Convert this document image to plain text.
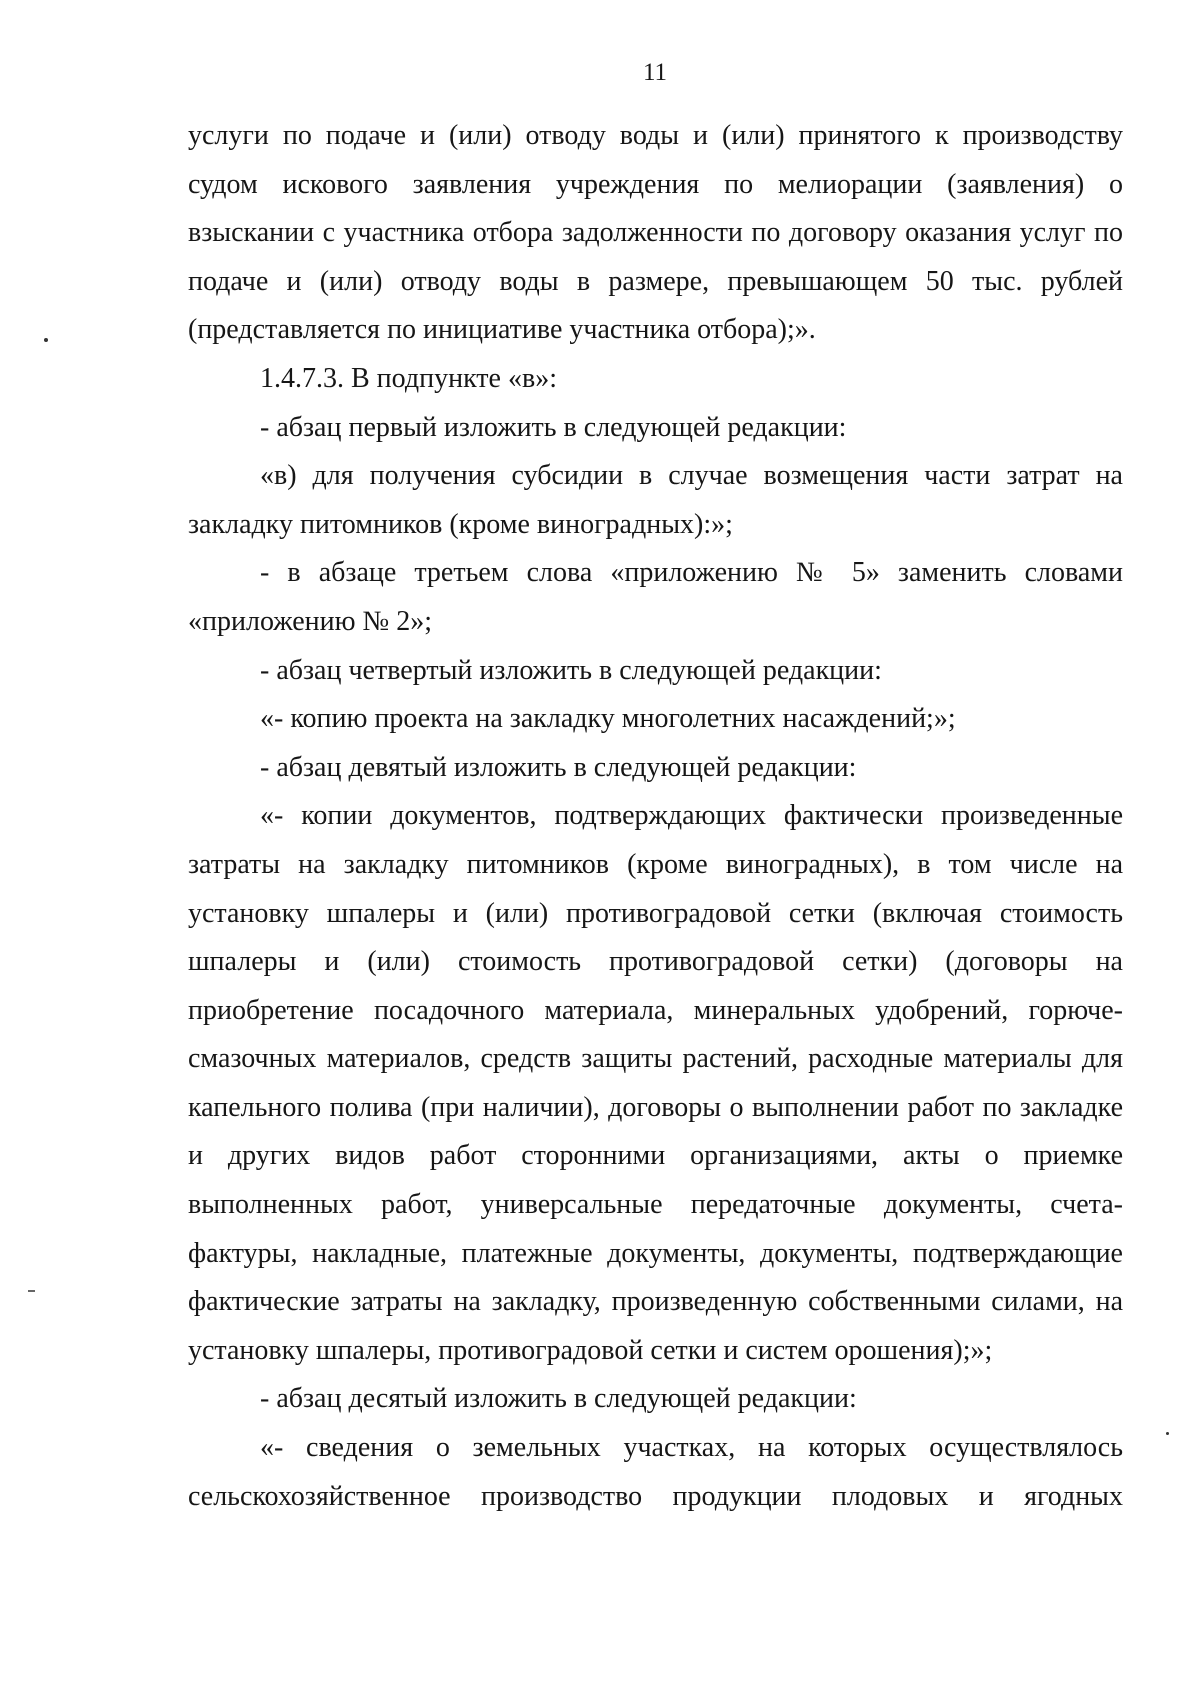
11
услуги по подаче и (или) отводу воды и (или) принятого к производству
судом искового заявления учреждения по мелиорации (заявления) о
взыскании с участника отбора задолженности по договору оказания услуг по
подаче и (или) отводу воды в размере, превышающем 50 тыс. рублей
(представляется по инициативе участника отбора);».
1.4.7.3. В подпункте «в»:
- абзац первый изложить в следующей редакции:
«в) для получения субсидии в случае возмещения части затрат на
закладку питомников (кроме виноградных):»;
- в абзаце третьем слова «приложению № 5» заменить словами
«приложению № 2»;
- абзац четвертый изложить в следующей редакции:
«- копию проекта на закладку многолетних насаждений;»;
- абзац девятый изложить в следующей редакции:
«- копии документов, подтверждающих фактически произведенные
затраты на закладку питомников (кроме виноградных), в том числе на
установку шпалеры и (или) противоградовой сетки (включая стоимость
шпалеры и (или) стоимость противоградовой сетки) (договоры на
приобретение посадочного материала, минеральных удобрений, горюче-
смазочных материалов, средств защиты растений, расходные материалы для
капельного полива (при наличии), договоры о выполнении работ по закладке
и других видов работ сторонними организациями, акты о приемке
выполненных работ, универсальные передаточные документы, счета-
фактуры, накладные, платежные документы, документы, подтверждающие
фактические затраты на закладку, произведенную собственными силами, на
установку шпалеры, противоградовой сетки и систем орошения);»;
- абзац десятый изложить в следующей редакции:
«- сведения о земельных участках, на которых осуществлялось
сельскохозяйственное производство продукции плодовых и ягодных
